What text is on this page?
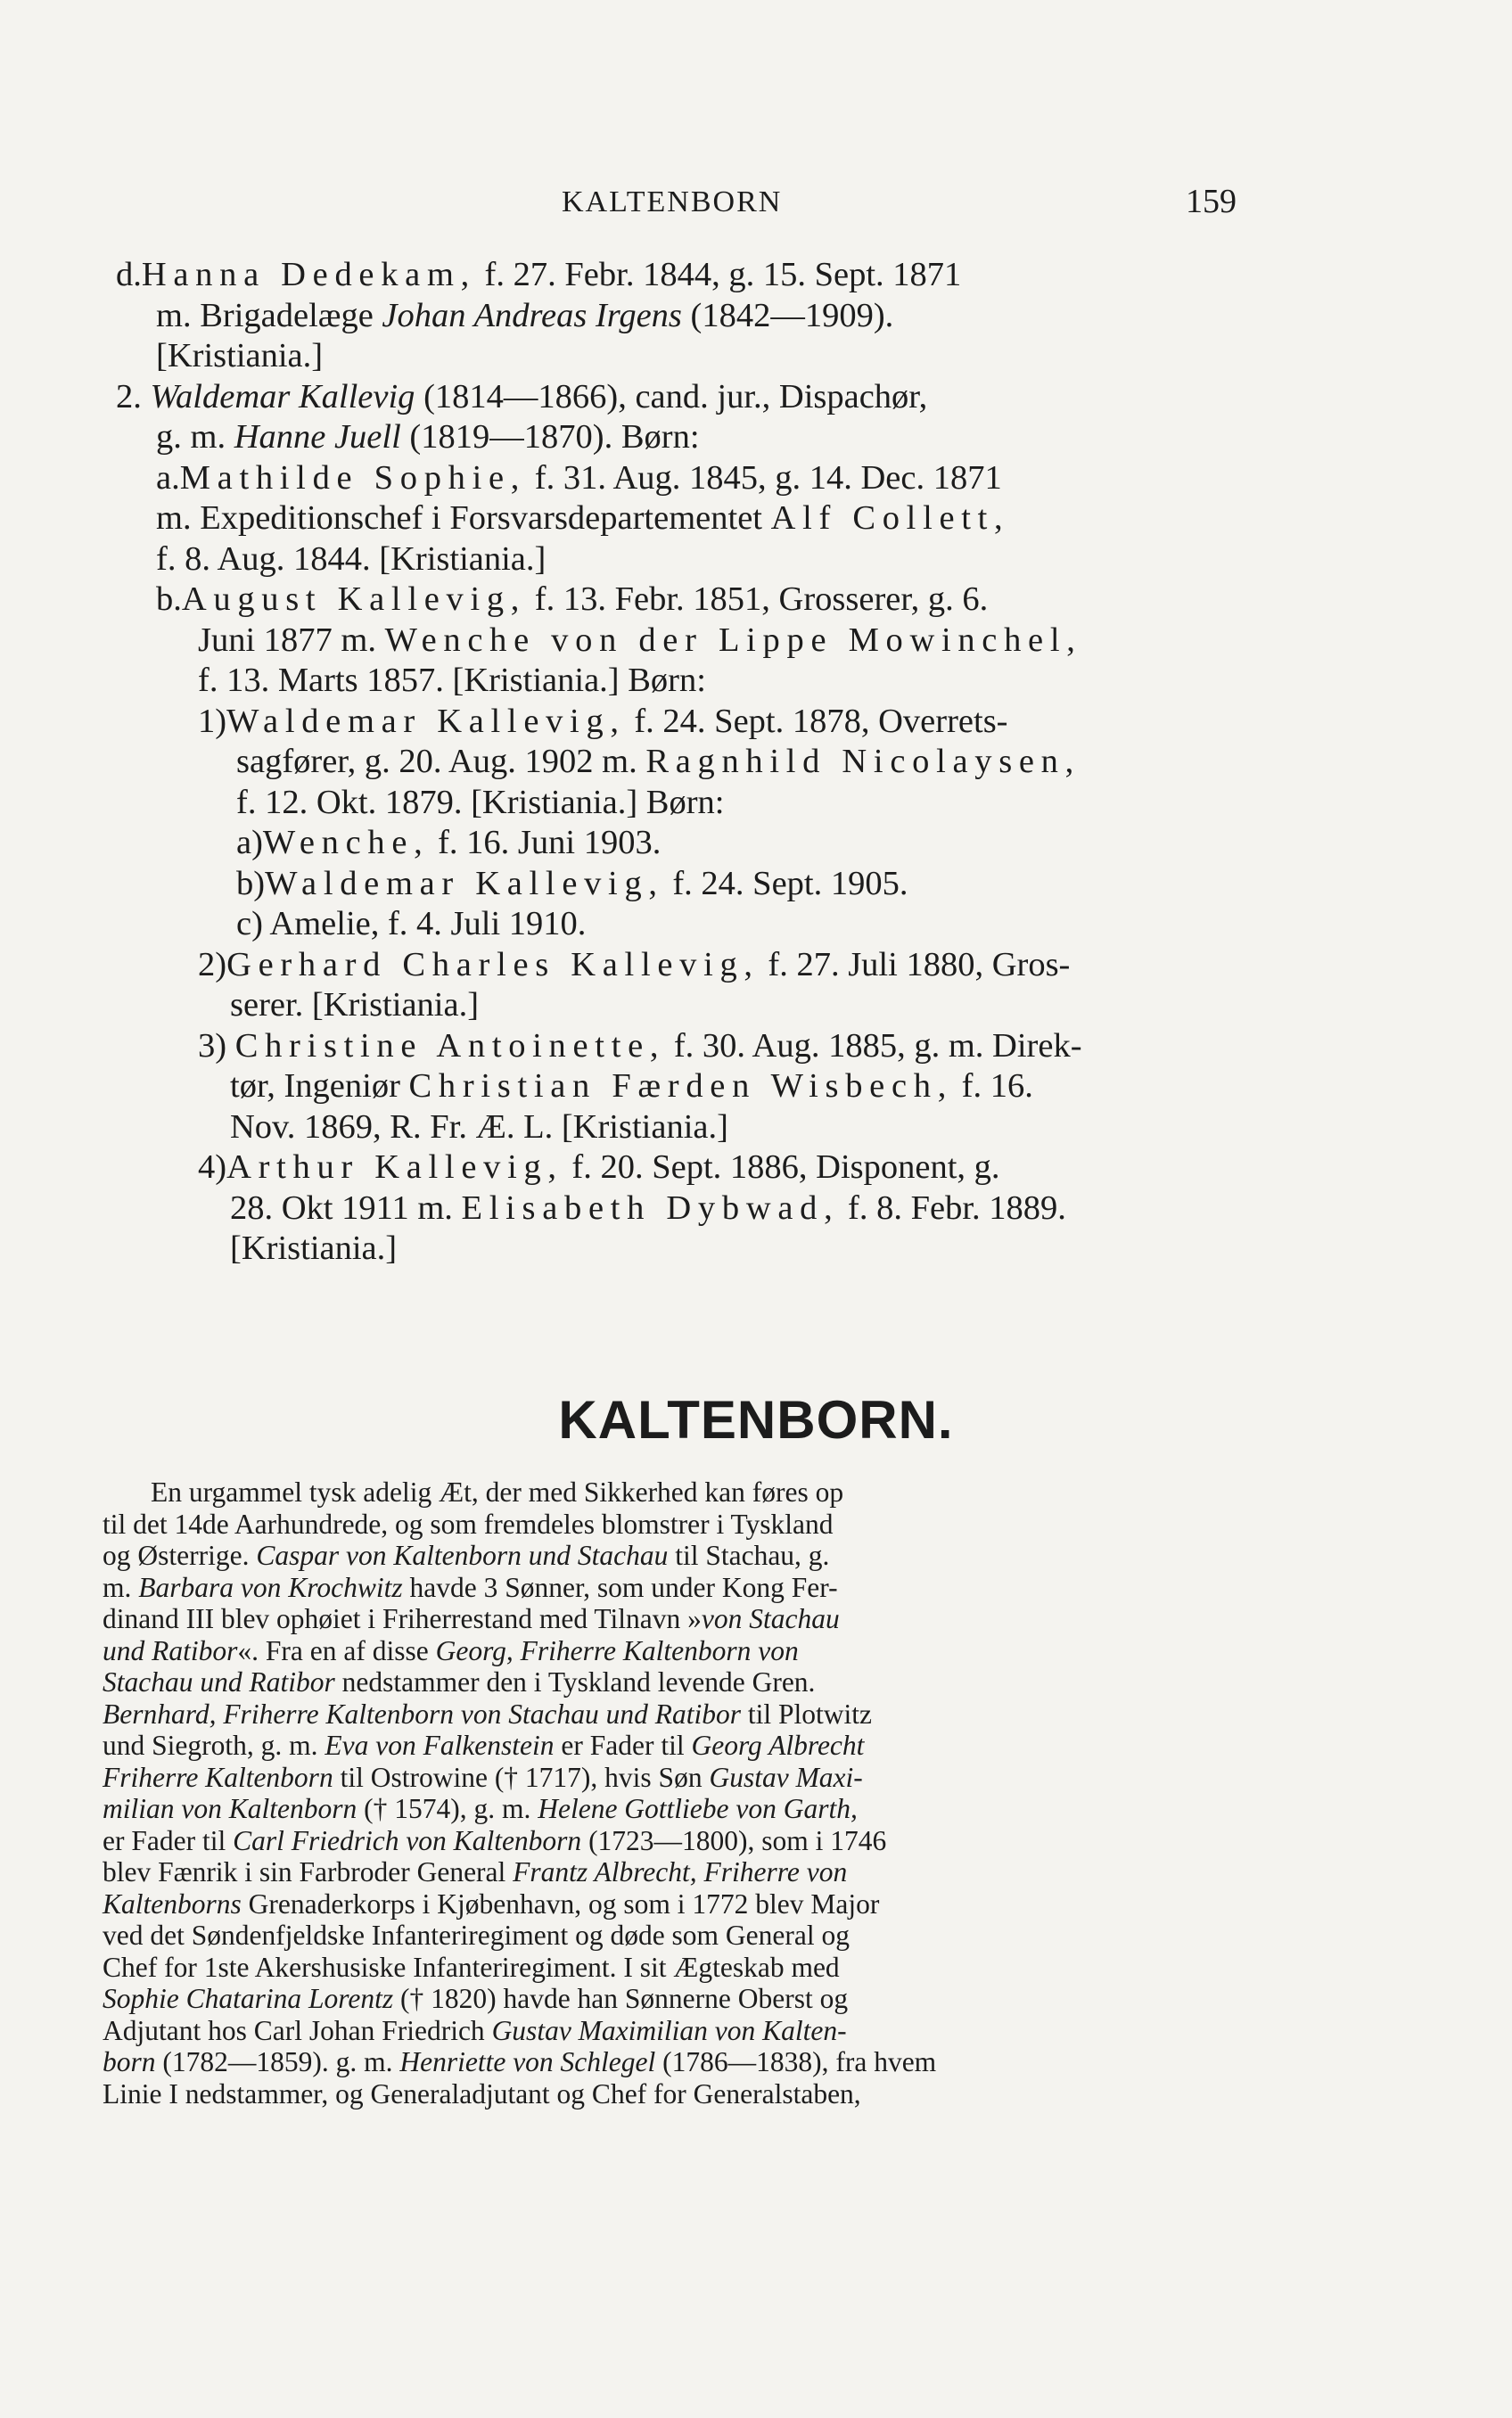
KALTENBORN	159
d.Hanna Dedekam, f. 27. Febr. 1844, g. 15. Sept. 1871
m. Brigadelæge Johan Andreas Irgens (1842—1909).
[Kristiania.]
2. Waldemar Kallevig (1814—1866), cand. jur., Dispachør,
g. m. Hanne Juell (1819—1870). Børn:
a.Mathilde Sophie, f. 31. Aug. 1845, g. 14. Dec. 1871
m. Expeditionschef i Forsvarsdepartementet Alf Collett,
f. 8. Aug. 1844. [Kristiania.]
b.August Kallevig, f. 13. Febr. 1851, Grosserer, g. 6.
Juni 1877 m. Wenche von der Lippe Mowinchel,
f. 13. Marts 1857. [Kristiania.] Børn:
1)Waldemar Kallevig, f. 24. Sept. 1878, Overrets-
sagfører, g. 20. Aug. 1902 m. Ragnhild Nicolaysen,
f. 12. Okt. 1879. [Kristiania.] Børn:
a)Wenche, f. 16. Juni 1903.
b)Waldemar Kallevig, f. 24. Sept. 1905.
c) Amelie, f. 4. Juli 1910.
2)Gerhard Charles Kallevig, f. 27. Juli 1880, Gros-
serer. [Kristiania.]
3) Christine Antoinette, f. 30. Aug. 1885, g. m. Direk-
tør, Ingeniør Christian Færden Wisbech, f. 16.
Nov. 1869, R. Fr. Æ. L. [Kristiania.]
4)Arthur Kallevig, f. 20. Sept. 1886, Disponent, g.
28. Okt 1911 m. Elisabeth Dybwad, f. 8. Febr. 1889.
[Kristiania.]
KALTENBORN.
En urgammel tysk adelig Æt, der med Sikkerhed kan føres op
til det 14de Aarhundrede, og som fremdeles blomstrer i Tyskland
og Østerrige. Caspar von Kaltenborn und Stachau til Stachau, g.
m. Barbara von Krochwitz havde 3 Sønner, som under Kong Fer-
dinand III blev ophøiet i Friherrestand med Tilnavn »von Stachau
und Ratibor«. Fra en af disse Georg, Friherre Kaltenborn von
Stachau und Ratibor nedstammer den i Tyskland levende Gren.
Bernhard, Friherre Kaltenborn von Stachau und Ratibor til Plotwitz
und Siegroth, g. m. Eva von Falkenstein er Fader til Georg Albrecht
Friherre Kaltenborn til Ostrowine († 1717), hvis Søn Gustav Maxi-
milian von Kaltenborn († 1574), g. m. Helene Gottliebe von Garth,
er Fader til Carl Friedrich von Kaltenborn (1723—1800), som i 1746
blev Fænrik i sin Farbroder General Frantz Albrecht, Friherre von
Kaltenborns Grenaderkorps i Kjøbenhavn, og som i 1772 blev Major
ved det Søndenfjeldske Infanteriregiment og døde som General og
Chef for 1ste Akershusiske Infanteriregiment. I sit Ægteskab med
Sophie Chatarina Lorentz († 1820) havde han Sønnerne Oberst og
Adjutant hos Carl Johan Friedrich Gustav Maximilian von Kalten-
born (1782—1859). g. m. Henriette von Schlegel (1786—1838), fra hvem
Linie I nedstammer, og Generaladjutant og Chef for Generalstaben,
